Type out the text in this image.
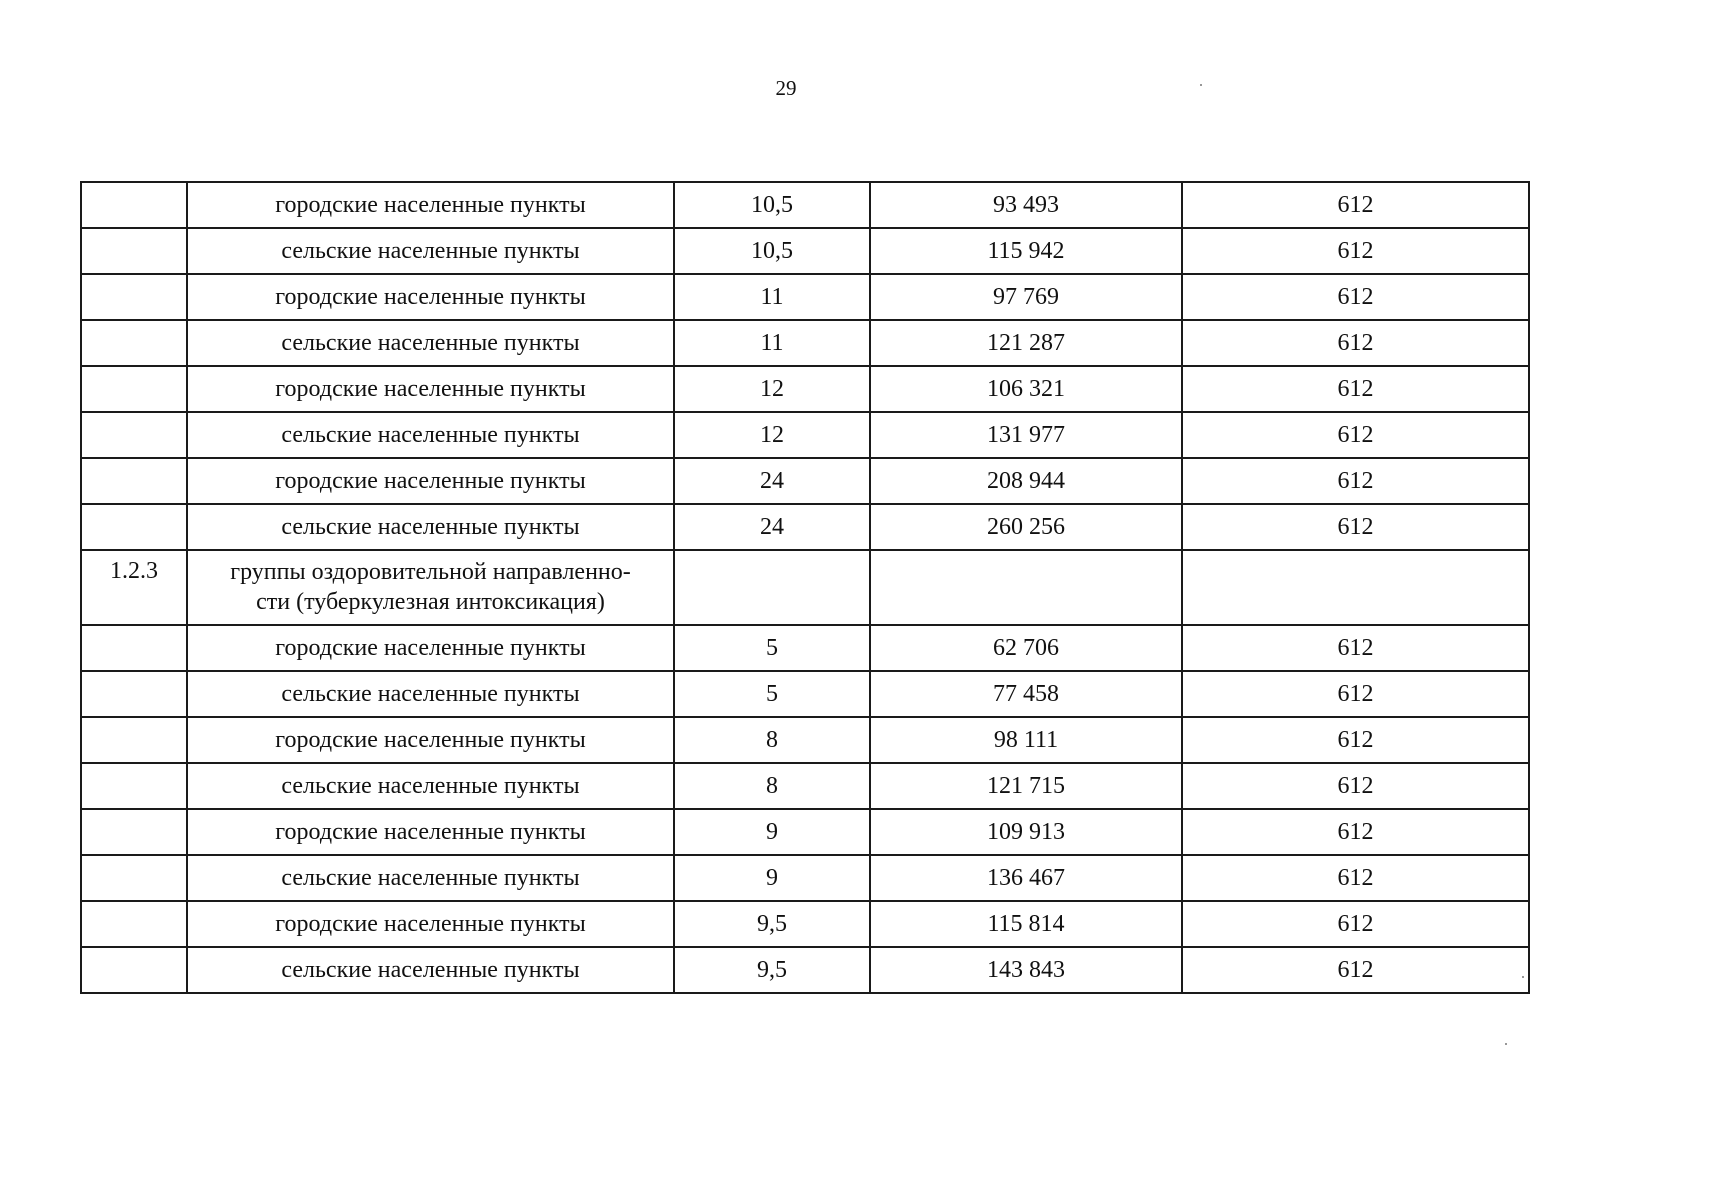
29
	городские населенные пункты	10,5	93 493	612
	сельские населенные пункты	10,5	115 942	612
	городские населенные пункты	11	97 769	612
	сельские населенные пункты	11	121 287	612
	городские населенные пункты	12	106 321	612
	сельские населенные пункты	12	131 977	612
	городские населенные пункты	24	208 944	612
	сельские населенные пункты	24	260 256	612
1.2.3	группы оздоровительной направленно-
сти (туберкулезная интоксикация)			
	городские населенные пункты	5	62 706	612
	сельские населенные пункты	5	77 458	612
	городские населенные пункты	8	98 111	612
	сельские населенные пункты	8	121 715	612
	городские населенные пункты	9	109 913	612
	сельские населенные пункты	9	136 467	612
	городские населенные пункты	9,5	115 814	612
	сельские населенные пункты	9,5	143 843	612
